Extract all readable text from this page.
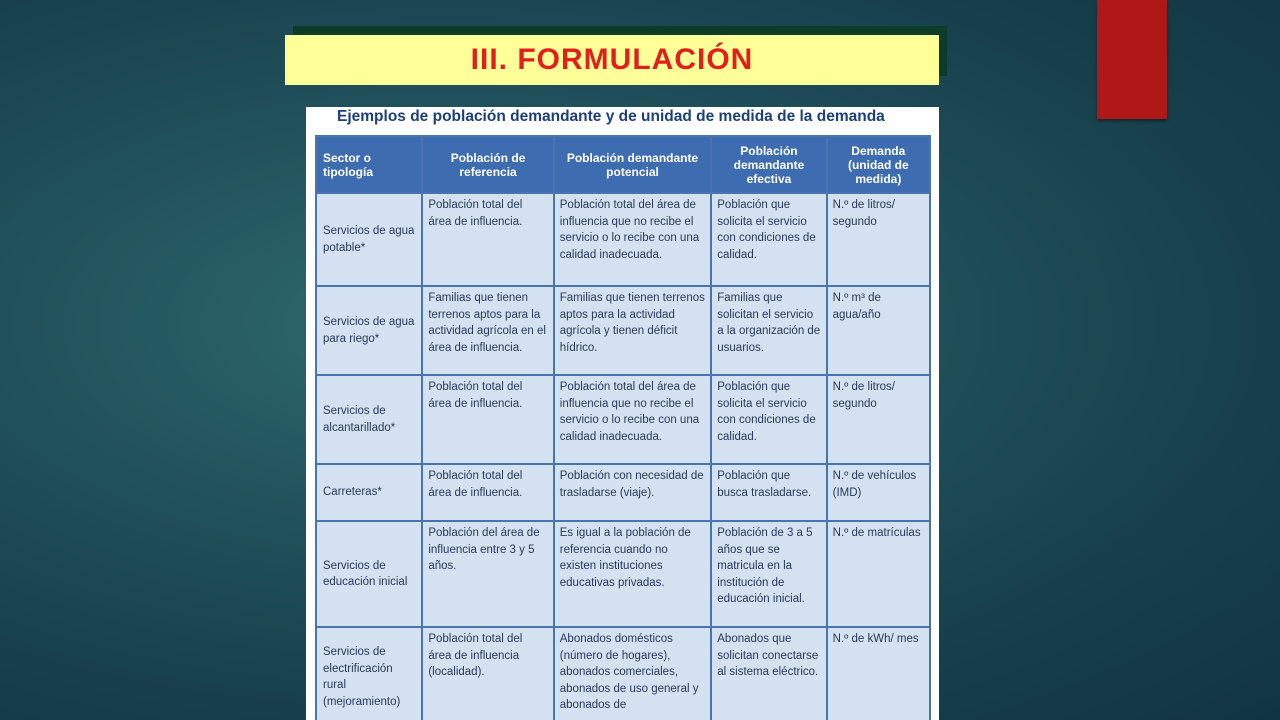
III. FORMULACIÓN
Ejemplos de población demandante y de unidad de medida de la demanda
Sector o tipología	Población de referencia	Población demandante potencial	Población demandante efectiva	Demanda (unidad de medida)
Servicios de agua potable*	Población total del área de influencia.	Población total del área de influencia que no recibe el servicio o lo recibe con una calidad inadecuada.	Población que solicita el servicio con condiciones de calidad.	N.º de litros/ segundo
Servicios de agua para riego*	Familias que tienen terrenos aptos para la actividad agrícola en el área de influencia.	Familias que tienen terrenos aptos para la actividad agrícola y tienen déficit hídrico.	Familias que solicitan el servicio a la organización de usuarios.	N.º m³ de agua/año
Servicios de alcantarillado*	Población total del área de influencia.	Población total del área de influencia que no recibe el servicio o lo recibe con una calidad inadecuada.	Población que solicita el servicio con condiciones de calidad.	N.º de litros/ segundo
Carreteras*	Población total del área de influencia.	Población con necesidad de trasladarse (viaje).	Población que busca trasladarse.	N.º de vehículos (IMD)
Servicios de educación inicial	Población del área de influencia entre 3 y 5 años.	Es igual a la población de referencia cuando no existen instituciones educativas privadas.	Población de 3 a 5 años que se matricula en la institución de educación inicial.	N.º de matrículas
Servicios de electrificación rural (mejoramiento)	Población total del área de influencia (localidad).	Abonados domésticos (número de hogares), abonados comerciales, abonados de uso general y abonados de	Abonados que solicitan conectarse al sistema eléctrico.	N.º de kWh/ mes
